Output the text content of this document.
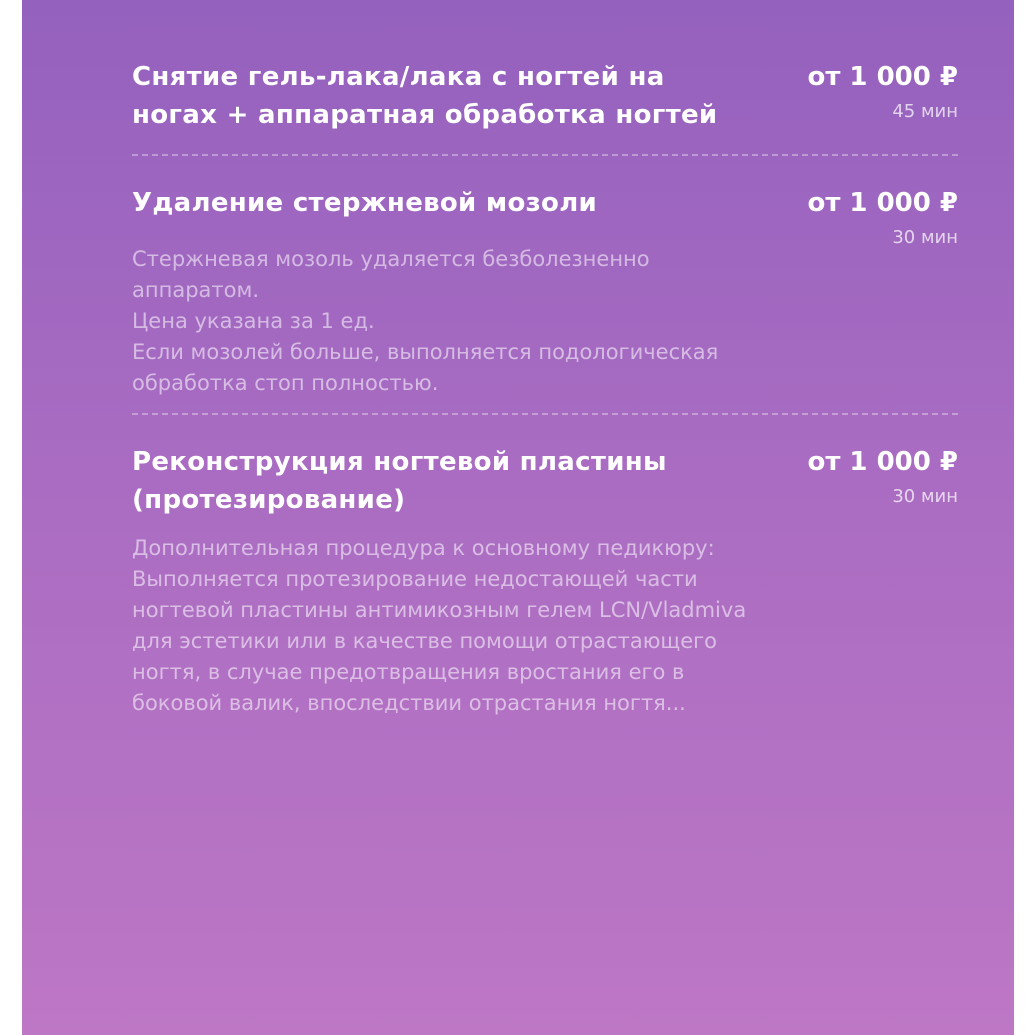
Снятие гель-лака/лака с ногтей на ногах + аппаратная обработка ногтей
от 1 000 ₽
45 мин
Удаление стержневой мозоли	от 1 000 ₽
30 мин
Стержневая мозоль удаляется безболезненно аппаратом.
Цена указана за 1 ед.
Если мозолей больше, выполняется подологическая обработка стоп полностью.
Реконструкция ногтевой пластины (протезирование)
от 1 000 ₽
30 мин
Дополнительная процедура к основному педикюру:
Выполняется протезирование недостающей части ногтевой пластины антимикозным гелем LCN/Vladmiva для эстетики или в качестве помощи отрастающего ногтя, в случае предотвращения вростания его в боковой валик, впоследствии отрастания ногтя...
